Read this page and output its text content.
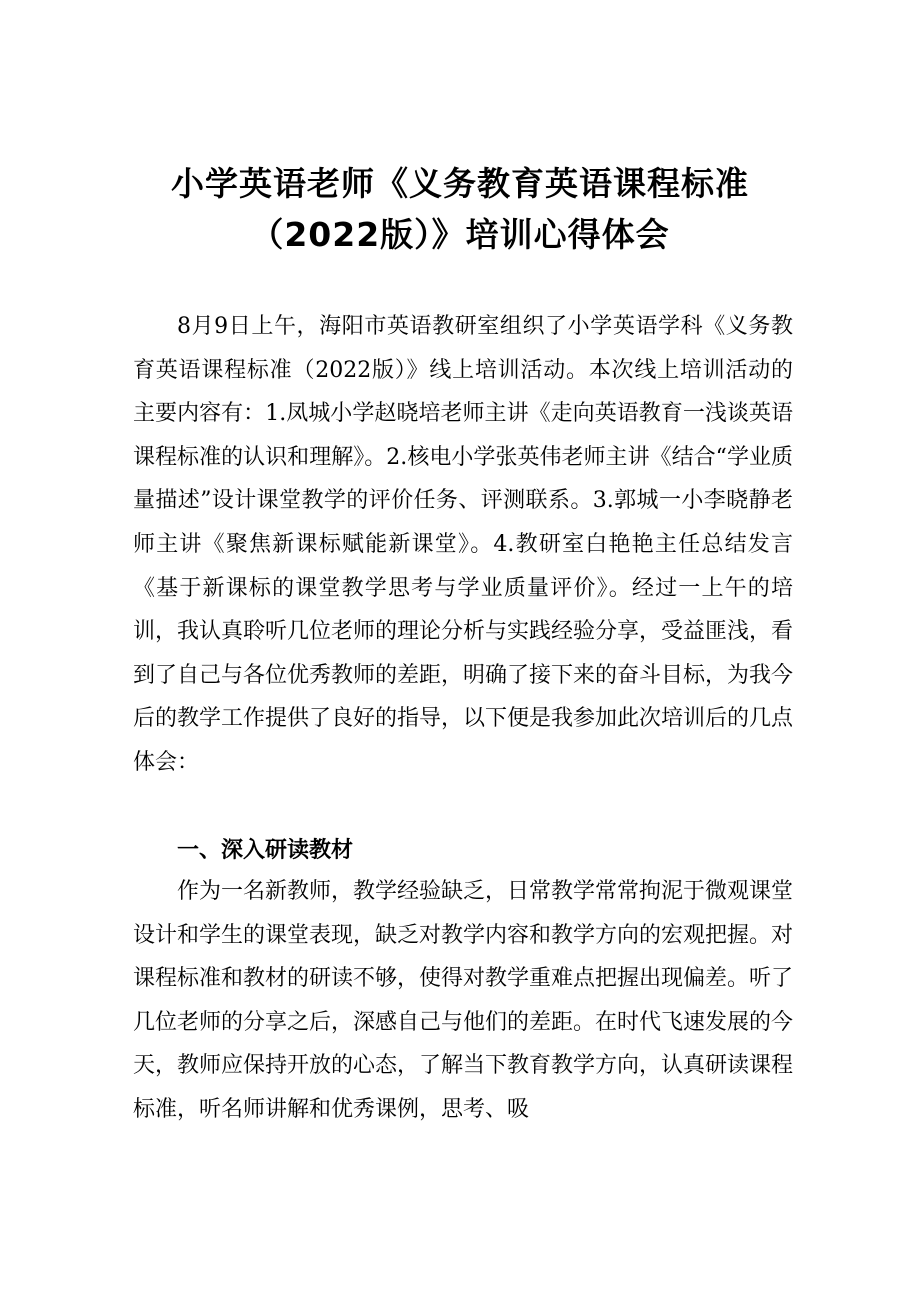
小学英语老师《义务教育英语课程标准
（2022版）》培训心得体会

8月9日上午，海阳市英语教研室组织了小学英语学科《义务教育英语课程标准（2022版）》线上培训活动。本次线上培训活动的主要内容有：1.凤城小学赵晓培老师主讲《走向英语教育一浅谈英语课程标准的认识和理解》。2.核电小学张英伟老师主讲《结合“学业质量描述”设计课堂教学的评价任务、评测联系。3.郭城一小李晓静老师主讲《聚焦新课标赋能新课堂》。4.教研室白艳艳主任总结发言《基于新课标的课堂教学思考与学业质量评价》。经过一上午的培训，我认真聆听几位老师的理论分析与实践经验分享，受益匪浅，看到了自己与各位优秀教师的差距，明确了接下来的奋斗目标，为我今后的教学工作提供了良好的指导，以下便是我参加此次培训后的几点体会：

一、深入研读教材

作为一名新教师，教学经验缺乏，日常教学常常拘泥于微观课堂设计和学生的课堂表现，缺乏对教学内容和教学方向的宏观把握。对课程标准和教材的研读不够，使得对教学重难点把握出现偏差。听了几位老师的分享之后，深感自己与他们的差距。在时代飞速发展的今天，教师应保持开放的心态，了解当下教育教学方向，认真研读课程标准，听名师讲解和优秀课例，思考、吸
